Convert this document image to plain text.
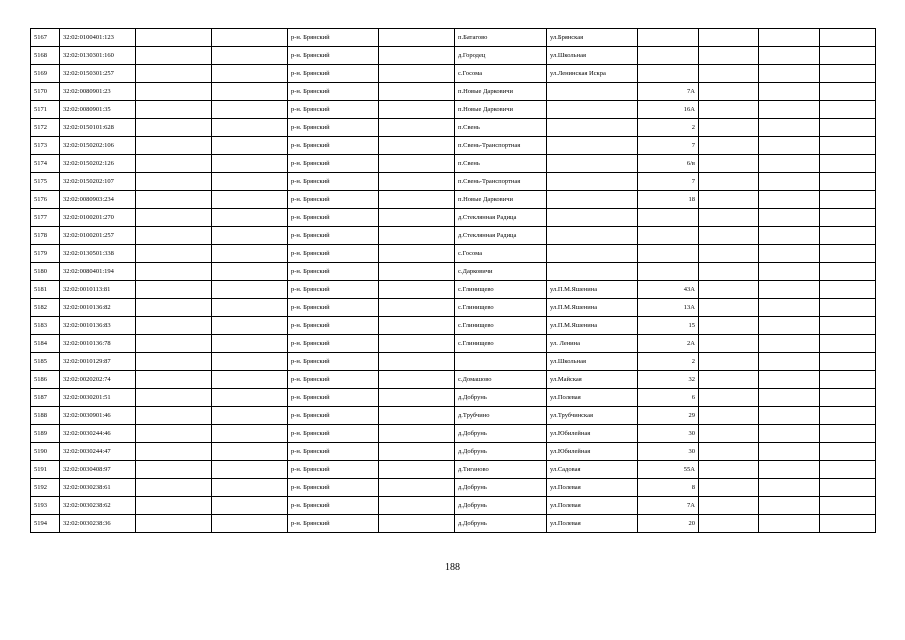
5167	32:02:0100401:123			р-н. Брянский		п.Батагово	ул.Брянская				
5168	32:02:0130301:160			р-н. Брянский		д.Городец	ул.Школьная				
5169	32:02:0150301:257			р-н. Брянский		с.Госома	ул.Ленинская Искра				
5170	32:02:0080901:23			р-н. Брянский		п.Новые Дарковичи		7А			
5171	32:02:0080901:35			р-н. Брянский		п.Новые Дарковичи		16А			
5172	32:02:0150101:628			р-н. Брянский		п.Свень		2			
5173	32:02:0150202:106			р-н. Брянский		п.Свень-Транспортная		7			
5174	32:02:0150202:126			р-н. Брянский		п.Свень		6/в			
5175	32:02:0150202:107			р-н. Брянский		п.Свень-Транспортная		7			
5176	32:02:0080903:234			р-н. Брянский		п.Новые Дарковичи		18			
5177	32:02:0100201:270			р-н. Брянский		д.Стеклянная Радица					
5178	32:02:0100201:257			р-н. Брянский		д.Стеклянная Радица					
5179	32:02:0130501:338			р-н. Брянский		с.Госома					
5180	32:02:0080401:194			р-н. Брянский		с.Дарковичи					
5181	32:02:0010113:81			р-н. Брянский		с.Глинищево	ул.П.М.Яшенина	43А			
5182	32:02:0010136:82			р-н. Брянский		с.Глинищево	ул.П.М.Яшенина	13А			
5183	32:02:0010136:83			р-н. Брянский		с.Глинищево	ул.П.М.Яшенина	15			
5184	32:02:0010136:78			р-н. Брянский		с.Глинищево	ул. Ленина	2А			
5185	32:02:0010129:87			р-н. Брянский			ул.Школьная	2			
5186	32:02:0020202:74			р-н. Брянский		с.Домашово	ул.Майская	32			
5187	32:02:0030201:51			р-н. Брянский		д.Добрунь	ул.Полевая	6			
5188	32:02:0030901:46			р-н. Брянский		д.Трубчино	ул.Трубчинская	29			
5189	32:02:0030244:46			р-н. Брянский		д.Добрунь	ул.Юбилейная	30			
5190	32:02:0030244:47			р-н. Брянский		д.Добрунь	ул.Юбилейная	30			
5191	32:02:0030408:97			р-н. Брянский		д.Тиганово	ул.Садовая	55А			
5192	32:02:0030238:61			р-н. Брянский		д.Добрунь	ул.Полевая	8			
5193	32:02:0030238:62			р-н. Брянский		д.Добрунь	ул.Полевая	7А			
5194	32:02:0030238:36			р-н. Брянский		д.Добрунь	ул.Полевая	20			
188
